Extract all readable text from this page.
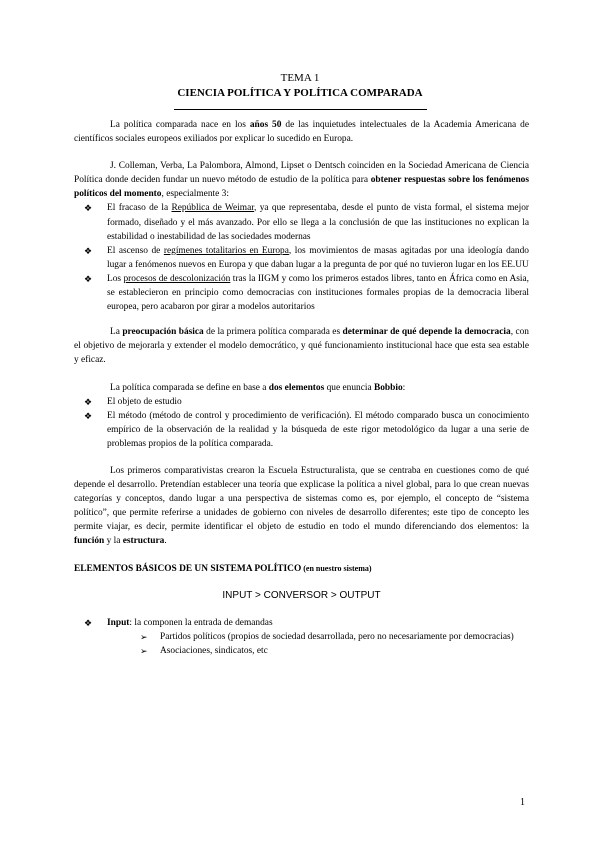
TEMA 1
CIENCIA POLÍTICA Y POLÍTICA COMPARADA

La política comparada nace en los años 50 de las inquietudes intelectuales de la Academia Americana de científicos sociales europeos exiliados por explicar lo sucedido en Europa.

J. Colleman, Verba, La Palombora, Almond, Lipset o Dentsch coinciden en la Sociedad Americana de Ciencia Política donde deciden fundar un nuevo método de estudio de la política para obtener respuestas sobre los fenómenos políticos del momento, especialmente 3:

❖ El fracaso de la República de Weimar, ya que representaba, desde el punto de vista formal, el sistema mejor formado, diseñado y el más avanzado. Por ello se llega a la conclusión de que las instituciones no explican la estabilidad o inestabilidad de las sociedades modernas
❖ El ascenso de regímenes totalitarios en Europa, los movimientos de masas agitadas por una ideología dando lugar a fenómenos nuevos en Europa y que daban lugar a la pregunta de por qué no tuvieron lugar en los EE.UU
❖ Los procesos de descolonización tras la IIGM y como los primeros estados libres, tanto en África como en Asia, se establecieron en principio como democracias con instituciones formales propias de la democracia liberal europea, pero acabaron por girar a modelos autoritarios

La preocupación básica de la primera política comparada es determinar de qué depende la democracia, con el objetivo de mejorarla y extender el modelo democrático, y qué funcionamiento institucional hace que esta sea estable y eficaz.

La política comparada se define en base a dos elementos que enuncia Bobbio:

❖ El objeto de estudio
❖ El método (método de control y procedimiento de verificación). El método comparado busca un conocimiento empírico de la observación de la realidad y la búsqueda de este rigor metodológico da lugar a una serie de problemas propios de la política comparada.

Los primeros comparativistas crearon la Escuela Estructuralista, que se centraba en cuestiones como de qué depende el desarrollo. Pretendían establecer una teoría que explicase la política a nivel global, para lo que crean nuevas categorías y conceptos, dando lugar a una perspectiva de sistemas como es, por ejemplo, el concepto de “sistema político”, que permite referirse a unidades de gobierno con niveles de desarrollo diferentes; este tipo de concepto les permite viajar, es decir, permite identificar el objeto de estudio en todo el mundo diferenciando dos elementos: la función y la estructura.

ELEMENTOS BÁSICOS DE UN SISTEMA POLÍTICO (en nuestro sistema)

INPUT > CONVERSOR > OUTPUT

❖ Input: la componen la entrada de demandas
➢ Partidos políticos (propios de sociedad desarrollada, pero no necesariamente por democracias)
➢ Asociaciones, sindicatos, etc
1
